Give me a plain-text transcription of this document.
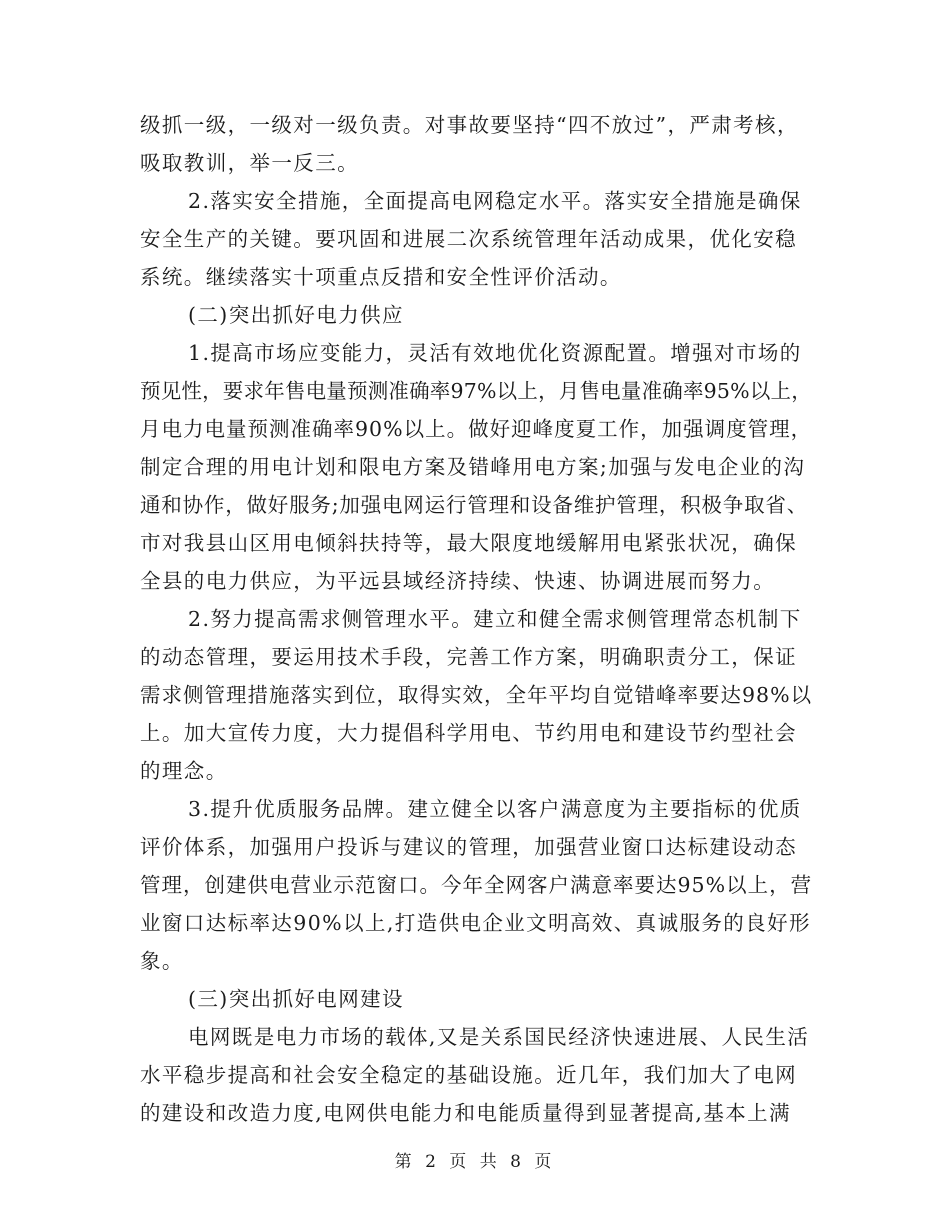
级抓一级，一级对一级负责。对事故要坚持“四不放过”，严肃考核，
吸取教训，举一反三。
2.落实安全措施，全面提高电网稳定水平。落实安全措施是确保
安全生产的关键。要巩固和进展二次系统管理年活动成果，优化安稳
系统。继续落实十项重点反措和安全性评价活动。
(二)突出抓好电力供应
1.提高市场应变能力，灵活有效地优化资源配置。增强对市场的
预见性，要求年售电量预测准确率97%以上，月售电量准确率95%以上，
月电力电量预测准确率90%以上。做好迎峰度夏工作，加强调度管理，
制定合理的用电计划和限电方案及错峰用电方案;加强与发电企业的沟
通和协作，做好服务;加强电网运行管理和设备维护管理，积极争取省、
市对我县山区用电倾斜扶持等，最大限度地缓解用电紧张状况，确保
全县的电力供应，为平远县域经济持续、快速、协调进展而努力。
2.努力提高需求侧管理水平。建立和健全需求侧管理常态机制下
的动态管理，要运用技术手段，完善工作方案，明确职责分工，保证
需求侧管理措施落实到位，取得实效，全年平均自觉错峰率要达98%以
上。加大宣传力度，大力提倡科学用电、节约用电和建设节约型社会
的理念。
3.提升优质服务品牌。建立健全以客户满意度为主要指标的优质
评价体系，加强用户投诉与建议的管理，加强营业窗口达标建设动态
管理，创建供电营业示范窗口。今年全网客户满意率要达95%以上，营
业窗口达标率达90%以上,打造供电企业文明高效、真诚服务的良好形
象。
(三)突出抓好电网建设
电网既是电力市场的载体,又是关系国民经济快速进展、人民生活
水平稳步提高和社会安全稳定的基础设施。近几年，我们加大了电网
的建设和改造力度,电网供电能力和电能质量得到显著提高,基本上满
第 2 页 共 8 页
